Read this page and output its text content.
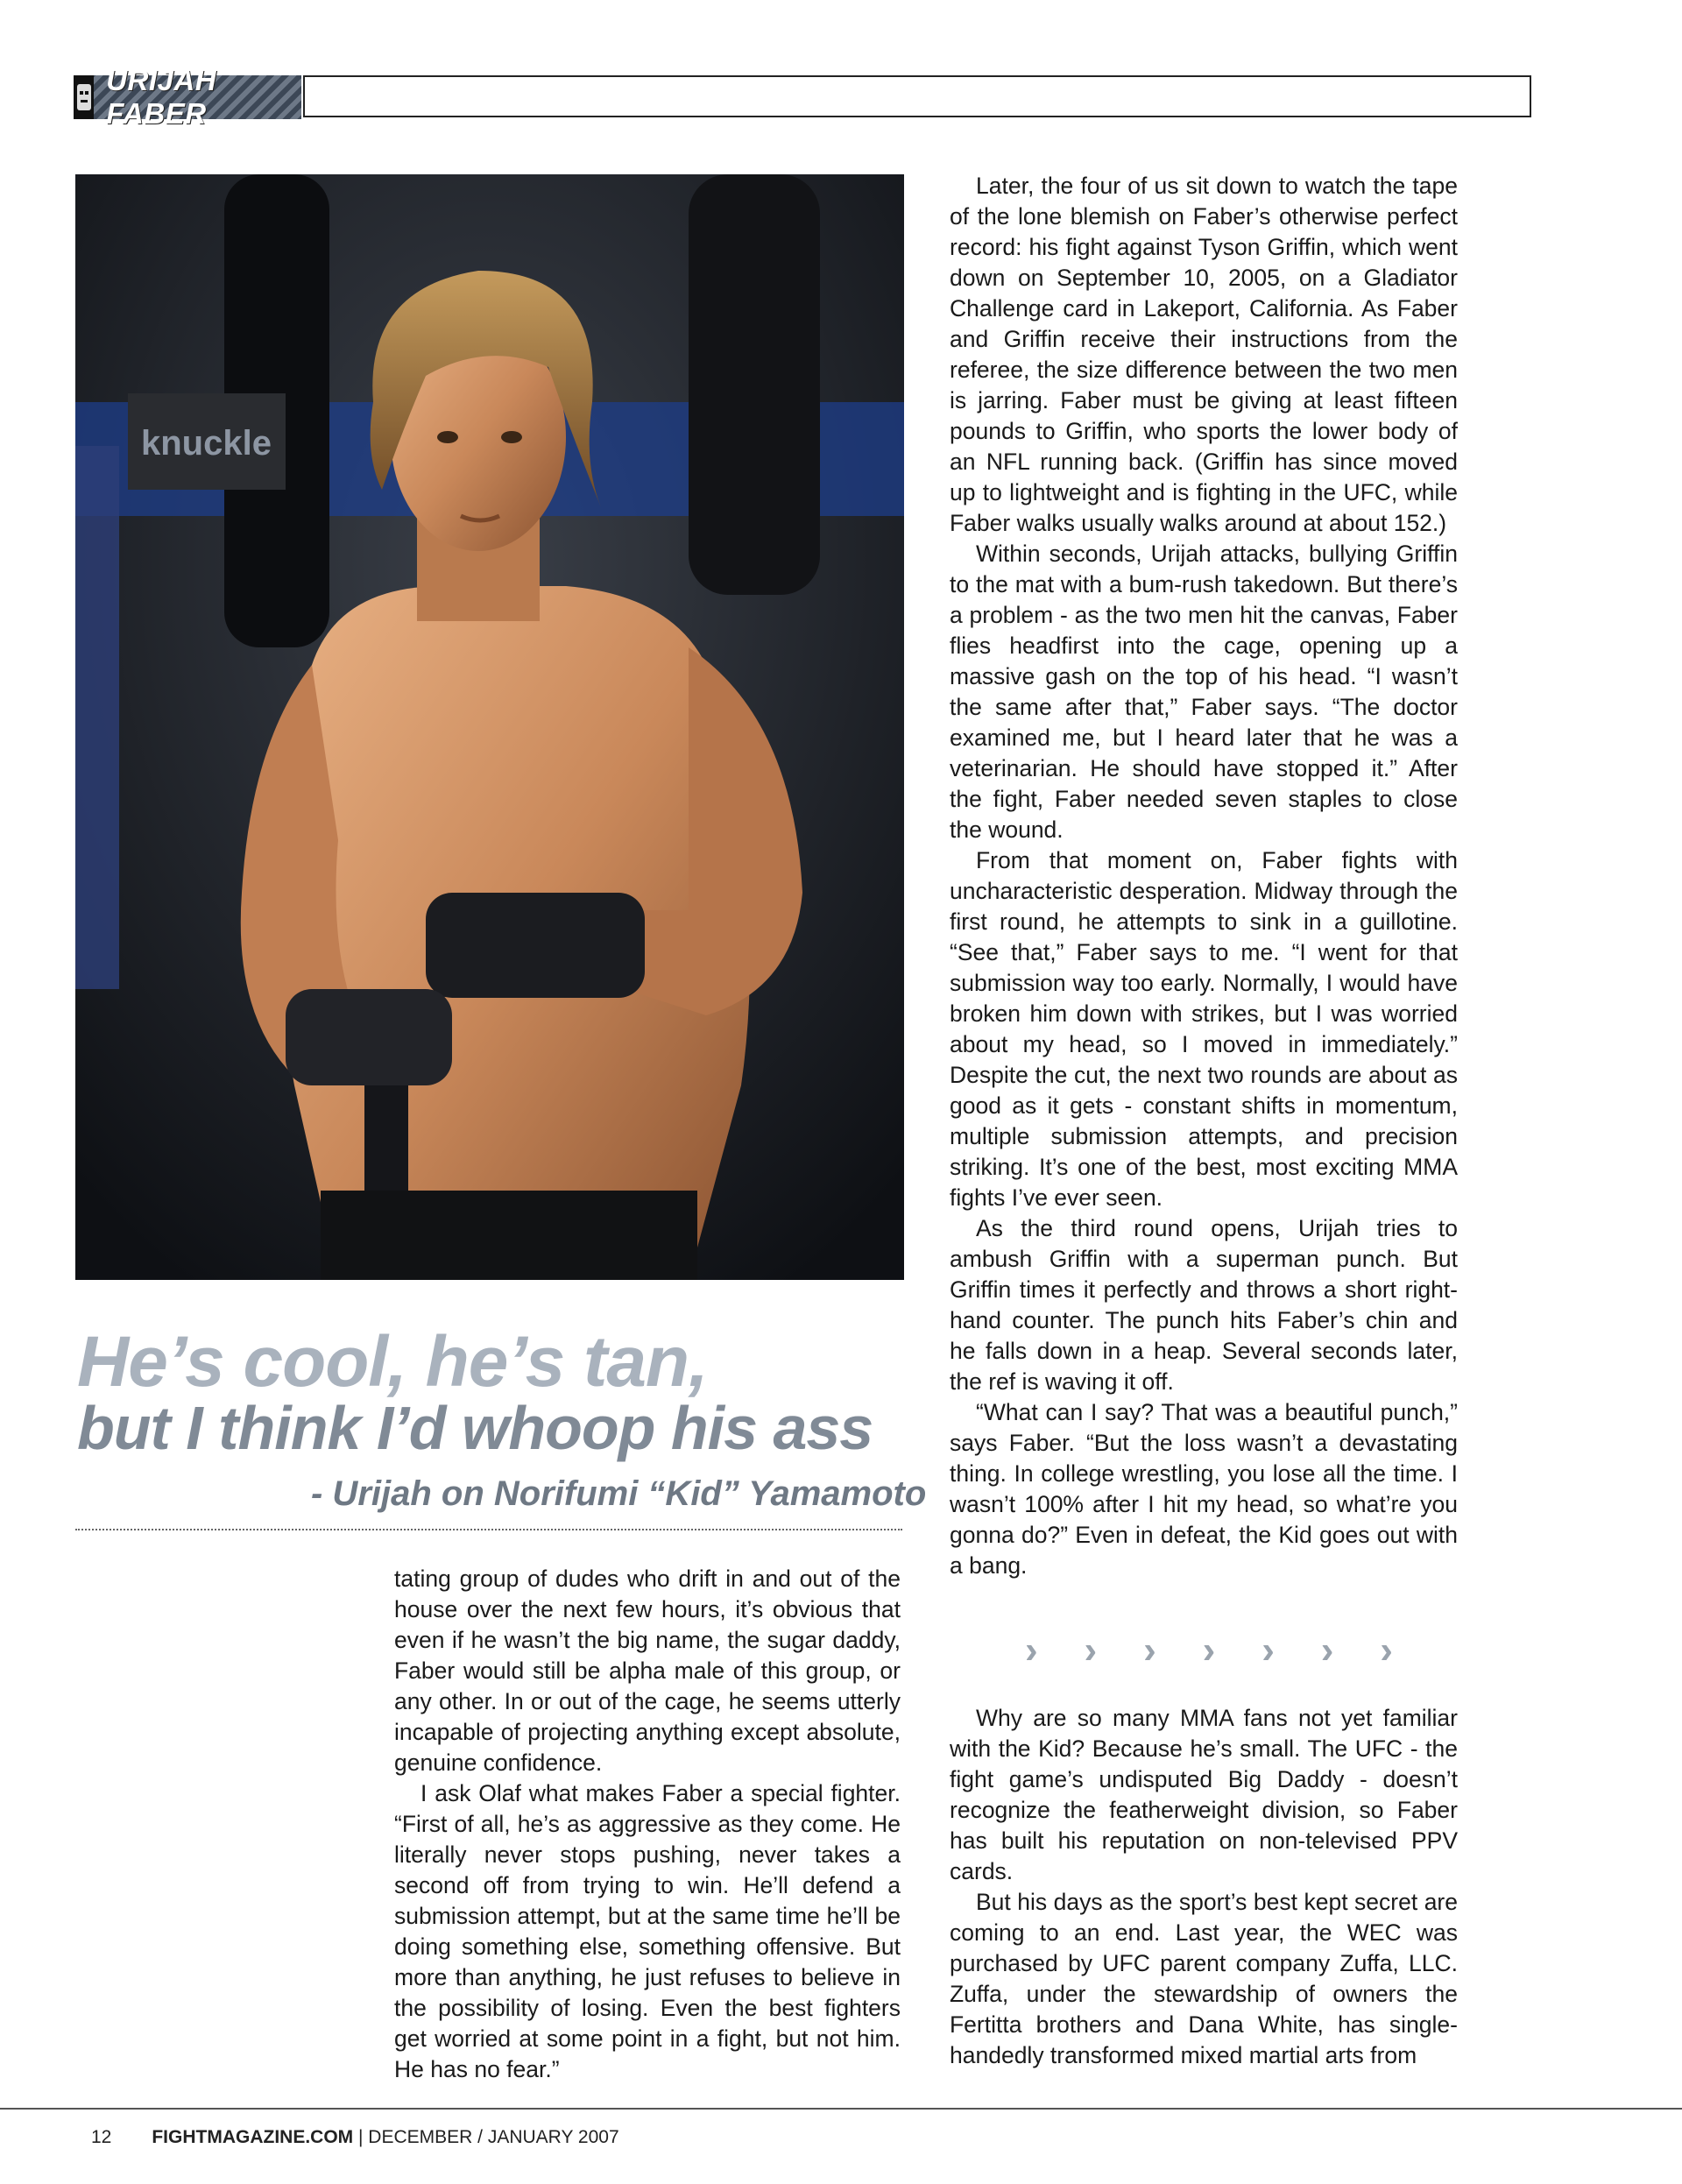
URIJAH FABER
knuckle
He’s cool, he’s tan,
but I think I’d whoop his ass
- Urijah on Norifumi “Kid” Yamamoto

tating group of dudes who drift in and out of the house over the next few hours, it’s obvious that even if he wasn’t the big name, the sugar daddy, Faber would still be alpha male of this group, or any other. In or out of the cage, he seems utterly incapable of projecting anything except absolute, genuine confidence.

I ask Olaf what makes Faber a special fighter. “First of all, he’s as aggressive as they come. He literally never stops pushing, never takes a second off from trying to win. He’ll defend a submission attempt, but at the same time he’ll be doing something else, something offensive. But more than anything, he just refuses to believe in the possibility of losing. Even the best fighters get worried at some point in a fight, but not him. He has no fear.”

Later, the four of us sit down to watch the tape of the lone blemish on Faber’s otherwise perfect record: his fight against Tyson Griffin, which went down on September 10, 2005, on a Gladiator Challenge card in Lakeport, California. As Faber and Griffin receive their instructions from the referee, the size difference between the two men is jarring. Faber must be giving at least fifteen pounds to Griffin, who sports the lower body of an NFL running back. (Griffin has since moved up to lightweight and is fighting in the UFC, while Faber walks usually walks around at about 152.)

Within seconds, Urijah attacks, bullying Griffin to the mat with a bum-rush takedown. But there’s a problem - as the two men hit the canvas, Faber flies headfirst into the cage, opening up a massive gash on the top of his head. “I wasn’t the same after that,” Faber says. “The doctor examined me, but I heard later that he was a veterinarian. He should have stopped it.” After the fight, Faber needed seven staples to close the wound.

From that moment on, Faber fights with uncharacteristic desperation. Midway through the first round, he attempts to sink in a guillotine. “See that,” Faber says to me. “I went for that submission way too early. Normally, I would have broken him down with strikes, but I was worried about my head, so I moved in immediately.” Despite the cut, the next two rounds are about as good as it gets - constant shifts in momentum, multiple submission attempts, and precision striking. It’s one of the best, most exciting MMA fights I’ve ever seen.

As the third round opens, Urijah tries to ambush Griffin with a superman punch. But Griffin times it perfectly and throws a short right-hand counter. The punch hits Faber’s chin and he falls down in a heap. Several seconds later, the ref is waving it off.

“What can I say? That was a beautiful punch,” says Faber. “But the loss wasn’t a devastating thing. In college wrestling, you lose all the time. I wasn’t 100% after I hit my head, so what’re you gonna do?” Even in defeat, the Kid goes out with a bang.

› › › › › › ›

Why are so many MMA fans not yet familiar with the Kid? Because he’s small. The UFC - the fight game’s undisputed Big Daddy - doesn’t recognize the featherweight division, so Faber has built his reputation on non-televised PPV cards.

But his days as the sport’s best kept secret are coming to an end. Last year, the WEC was purchased by UFC parent company Zuffa, LLC. Zuffa, under the stewardship of owners the Fertitta brothers and Dana White, has single-handedly transformed mixed martial arts from

12 FIGHTMAGAZINE.COM | DECEMBER / JANUARY 2007
